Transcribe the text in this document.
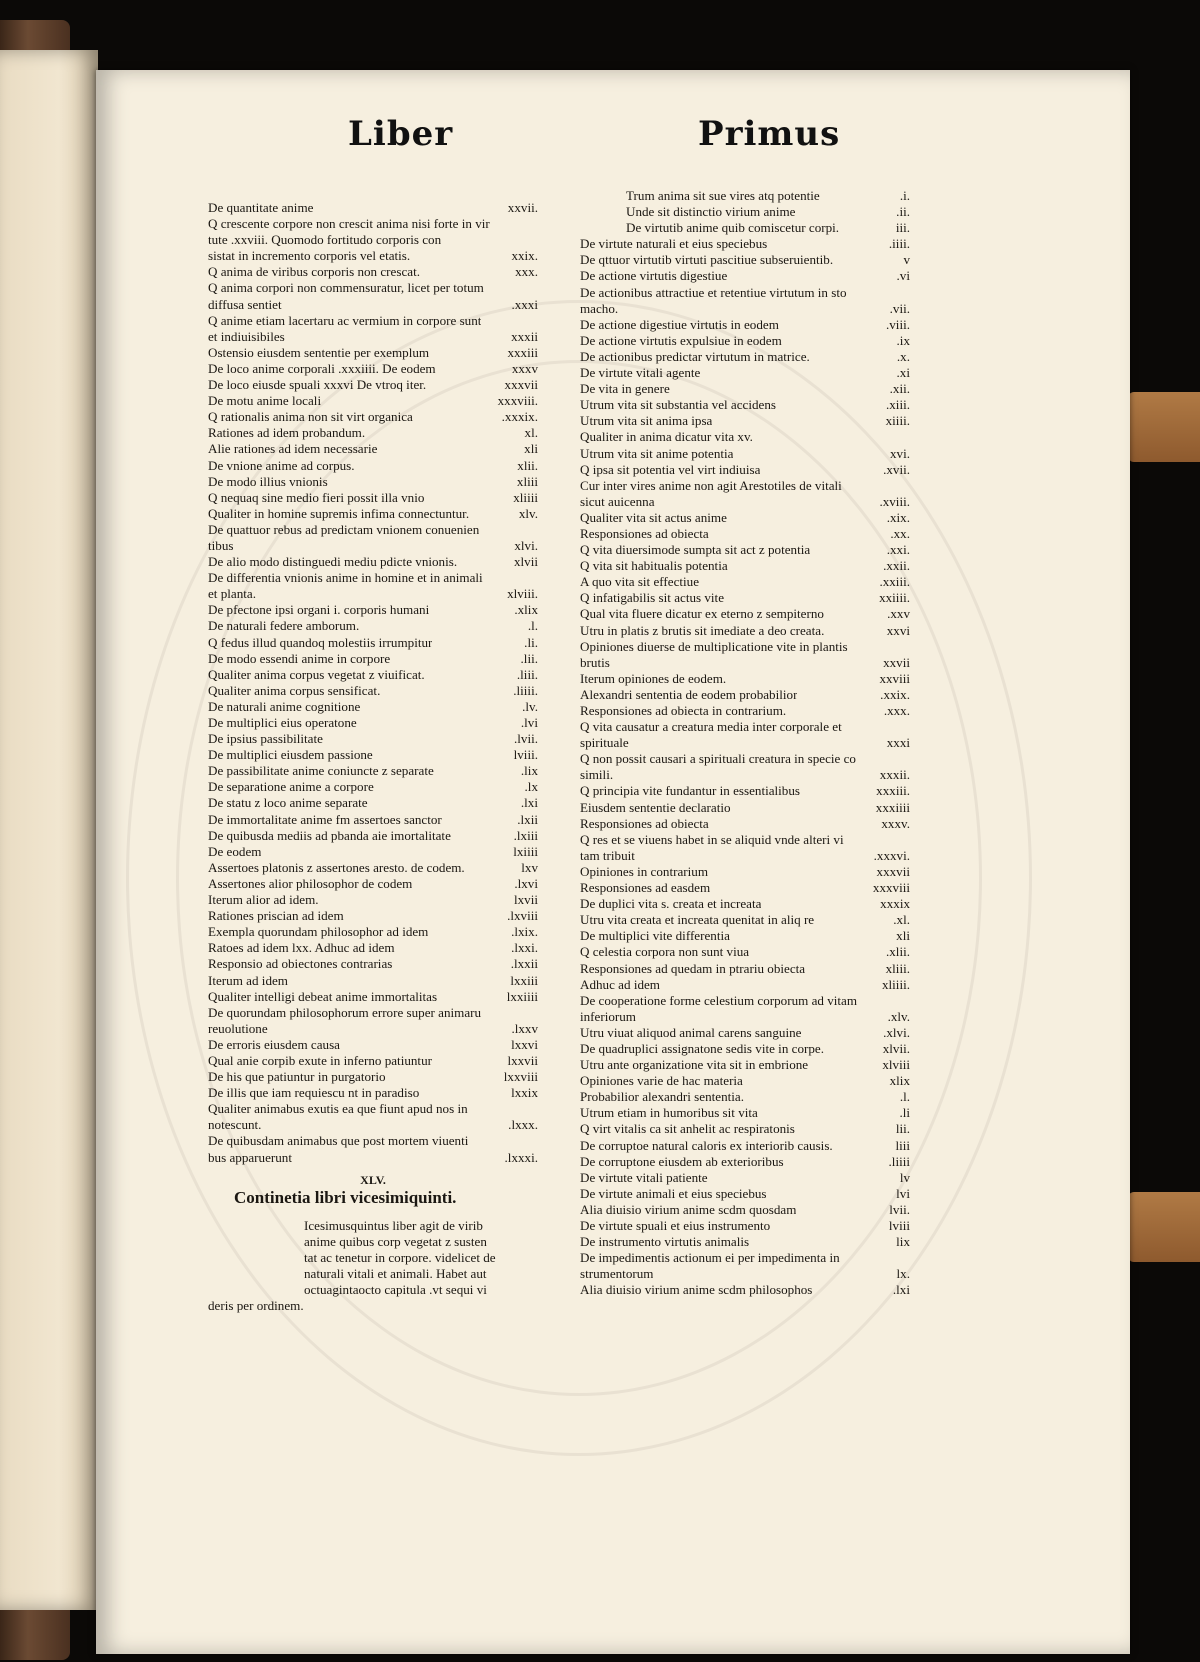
Liber	Primus
De quantitate anime	xxvii.
Q crescente corpore non crescit anima nisi forte in vir
tute .xxviii. Quomodo fortitudo corporis con
sistat in incremento corporis vel etatis.	xxix.
Q anima de viribus corporis non crescat.	xxx.
Q anima corpori non commensuratur, licet per totum
diffusa sentiet	.xxxi
Q anime etiam lacertaru ac vermium in corpore sunt
et indiuisibiles	xxxii
Ostensio eiusdem sententie per exemplum	xxxiii
De loco anime corporali .xxxiiii. De eodem	xxxv
De loco eiusde spuali xxxvi De vtroq iter.	xxxvii
De motu anime locali	xxxviii.
Q rationalis anima non sit virt organica	.xxxix.
Rationes ad idem probandum.	xl.
Alie rationes ad idem necessarie	xli
De vnione anime ad corpus.	xlii.
De modo illius vnionis	xliii
Q nequaq sine medio fieri possit illa vnio	xliiii
Qualiter in homine supremis infima connectuntur.	xlv.
De quattuor rebus ad predictam vnionem conuenien
tibus	xlvi.
De alio modo distinguedi mediu pdicte vnionis.	xlvii
De differentia vnionis anime in homine et in animali
et planta.	xlviii.
De pfectone ipsi organi i. corporis humani	.xlix
De naturali federe amborum.	.l.
Q fedus illud quandoq molestiis irrumpitur	.li.
De modo essendi anime in corpore	.lii.
Qualiter anima corpus vegetat z viuificat.	.liii.
Qualiter anima corpus sensificat.	.liiii.
De naturali anime cognitione	.lv.
De multiplici eius operatone	.lvi
De ipsius passibilitate	.lvii.
De multiplici eiusdem passione	lviii.
De passibilitate anime coniuncte z separate	.lix
De separatione anime a corpore	.lx
De statu z loco anime separate	.lxi
De immortalitate anime fm assertoes sanctor	.lxii
De quibusda mediis ad pbanda aie imortalitate	.lxiii
De eodem	lxiiii
Assertoes platonis z assertones aresto. de codem.	lxv
Assertones alior philosophor de codem	.lxvi
Iterum alior ad idem.	lxvii
Rationes priscian ad idem	.lxviii
Exempla quorundam philosophor ad idem	.lxix.
Ratoes ad idem lxx. Adhuc ad idem	.lxxi.
Responsio ad obiectones contrarias	.lxxii
Iterum ad idem	lxxiii
Qualiter intelligi debeat anime immortalitas	lxxiiii
De quorundam philosophorum errore super animaru
reuolutione	.lxxv
De erroris eiusdem causa	lxxvi
Qual anie corpib exute in inferno patiuntur	lxxvii
De his que patiuntur in purgatorio	lxxviii
De illis que iam requiescu nt in paradiso	lxxix
Qualiter animabus exutis ea que fiunt apud nos in
notescunt.	.lxxx.
De quibusdam animabus que post mortem viuenti
bus apparuerunt	.lxxxi.
XLV.
Continetia libri vicesimiquinti.
Icesimusquintus liber agit de virib
anime quibus corp vegetat z susten
tat ac tenetur in corpore. videlicet de
naturali vitali et animali. Habet aut
octuagintaocto capitula .vt sequi vi
deris per ordinem.
Trum anima sit sue vires atq potentie	.i.
Unde sit distinctio virium anime	.ii.
De virtutib anime quib comiscetur corpi.	iii.
De virtute naturali et eius speciebus	.iiii.
De qttuor virtutib virtuti pascitiue subseruientib.	v
De actione virtutis digestiue	.vi
De actionibus attractiue et retentiue virtutum in sto
macho.	.vii.
De actione digestiue virtutis in eodem	.viii.
De actione virtutis expulsiue in eodem	.ix
De actionibus predictar virtutum in matrice.	.x.
De virtute vitali agente	.xi
De vita in genere	.xii.
Utrum vita sit substantia vel accidens	.xiii.
Utrum vita sit anima ipsa	xiiii.
Qualiter in anima dicatur vita xv.
Utrum vita sit anime potentia	xvi.
Q ipsa sit potentia vel virt indiuisa	.xvii.
Cur inter vires anime non agit Arestotiles de vitali
sicut auicenna	.xviii.
Qualiter vita sit actus anime	.xix.
Responsiones ad obiecta	.xx.
Q vita diuersimode sumpta sit act z potentia	.xxi.
Q vita sit habitualis potentia	.xxii.
A quo vita sit effectiue	.xxiii.
Q infatigabilis sit actus vite	xxiiii.
Qual vita fluere dicatur ex eterno z sempiterno	.xxv
Utru in platis z brutis sit imediate a deo creata.	xxvi
Opiniones diuerse de multiplicatione vite in plantis
brutis	xxvii
Iterum opiniones de eodem.	xxviii
Alexandri sententia de eodem probabilior	.xxix.
Responsiones ad obiecta in contrarium.	.xxx.
Q vita causatur a creatura media inter corporale et
spirituale	xxxi
Q non possit causari a spirituali creatura in specie co
simili.	xxxii.
Q principia vite fundantur in essentialibus	xxxiii.
Eiusdem sententie declaratio	xxxiiii
Responsiones ad obiecta	xxxv.
Q res et se viuens habet in se aliquid vnde alteri vi
tam tribuit	.xxxvi.
Opiniones in contrarium	xxxvii
Responsiones ad easdem	xxxviii
De duplici vita s. creata et increata	xxxix
Utru vita creata et increata quenitat in aliq re	.xl.
De multiplici vite differentia	xli
Q celestia corpora non sunt viua	.xlii.
Responsiones ad quedam in ptrariu obiecta	xliii.
Adhuc ad idem	xliiii.
De cooperatione forme celestium corporum ad vitam
inferiorum	.xlv.
Utru viuat aliquod animal carens sanguine	.xlvi.
De quadruplici assignatone sedis vite in corpe.	xlvii.
Utru ante organizatione vita sit in embrione	xlviii
Opiniones varie de hac materia	xlix
Probabilior alexandri sententia.	.l.
Utrum etiam in humoribus sit vita	.li
Q virt vitalis ca sit anhelit ac respiratonis	lii.
De corruptoe natural caloris ex interiorib causis.	liii
De corruptone eiusdem ab exterioribus	.liiii
De virtute vitali patiente	lv
De virtute animali et eius speciebus	lvi
Alia diuisio virium anime scdm quosdam	lvii.
De virtute spuali et eius instrumento	lviii
De instrumento virtutis animalis	lix
De impedimentis actionum ei per impedimenta in
strumentorum	lx.
Alia diuisio virium anime scdm philosophos	.lxi
